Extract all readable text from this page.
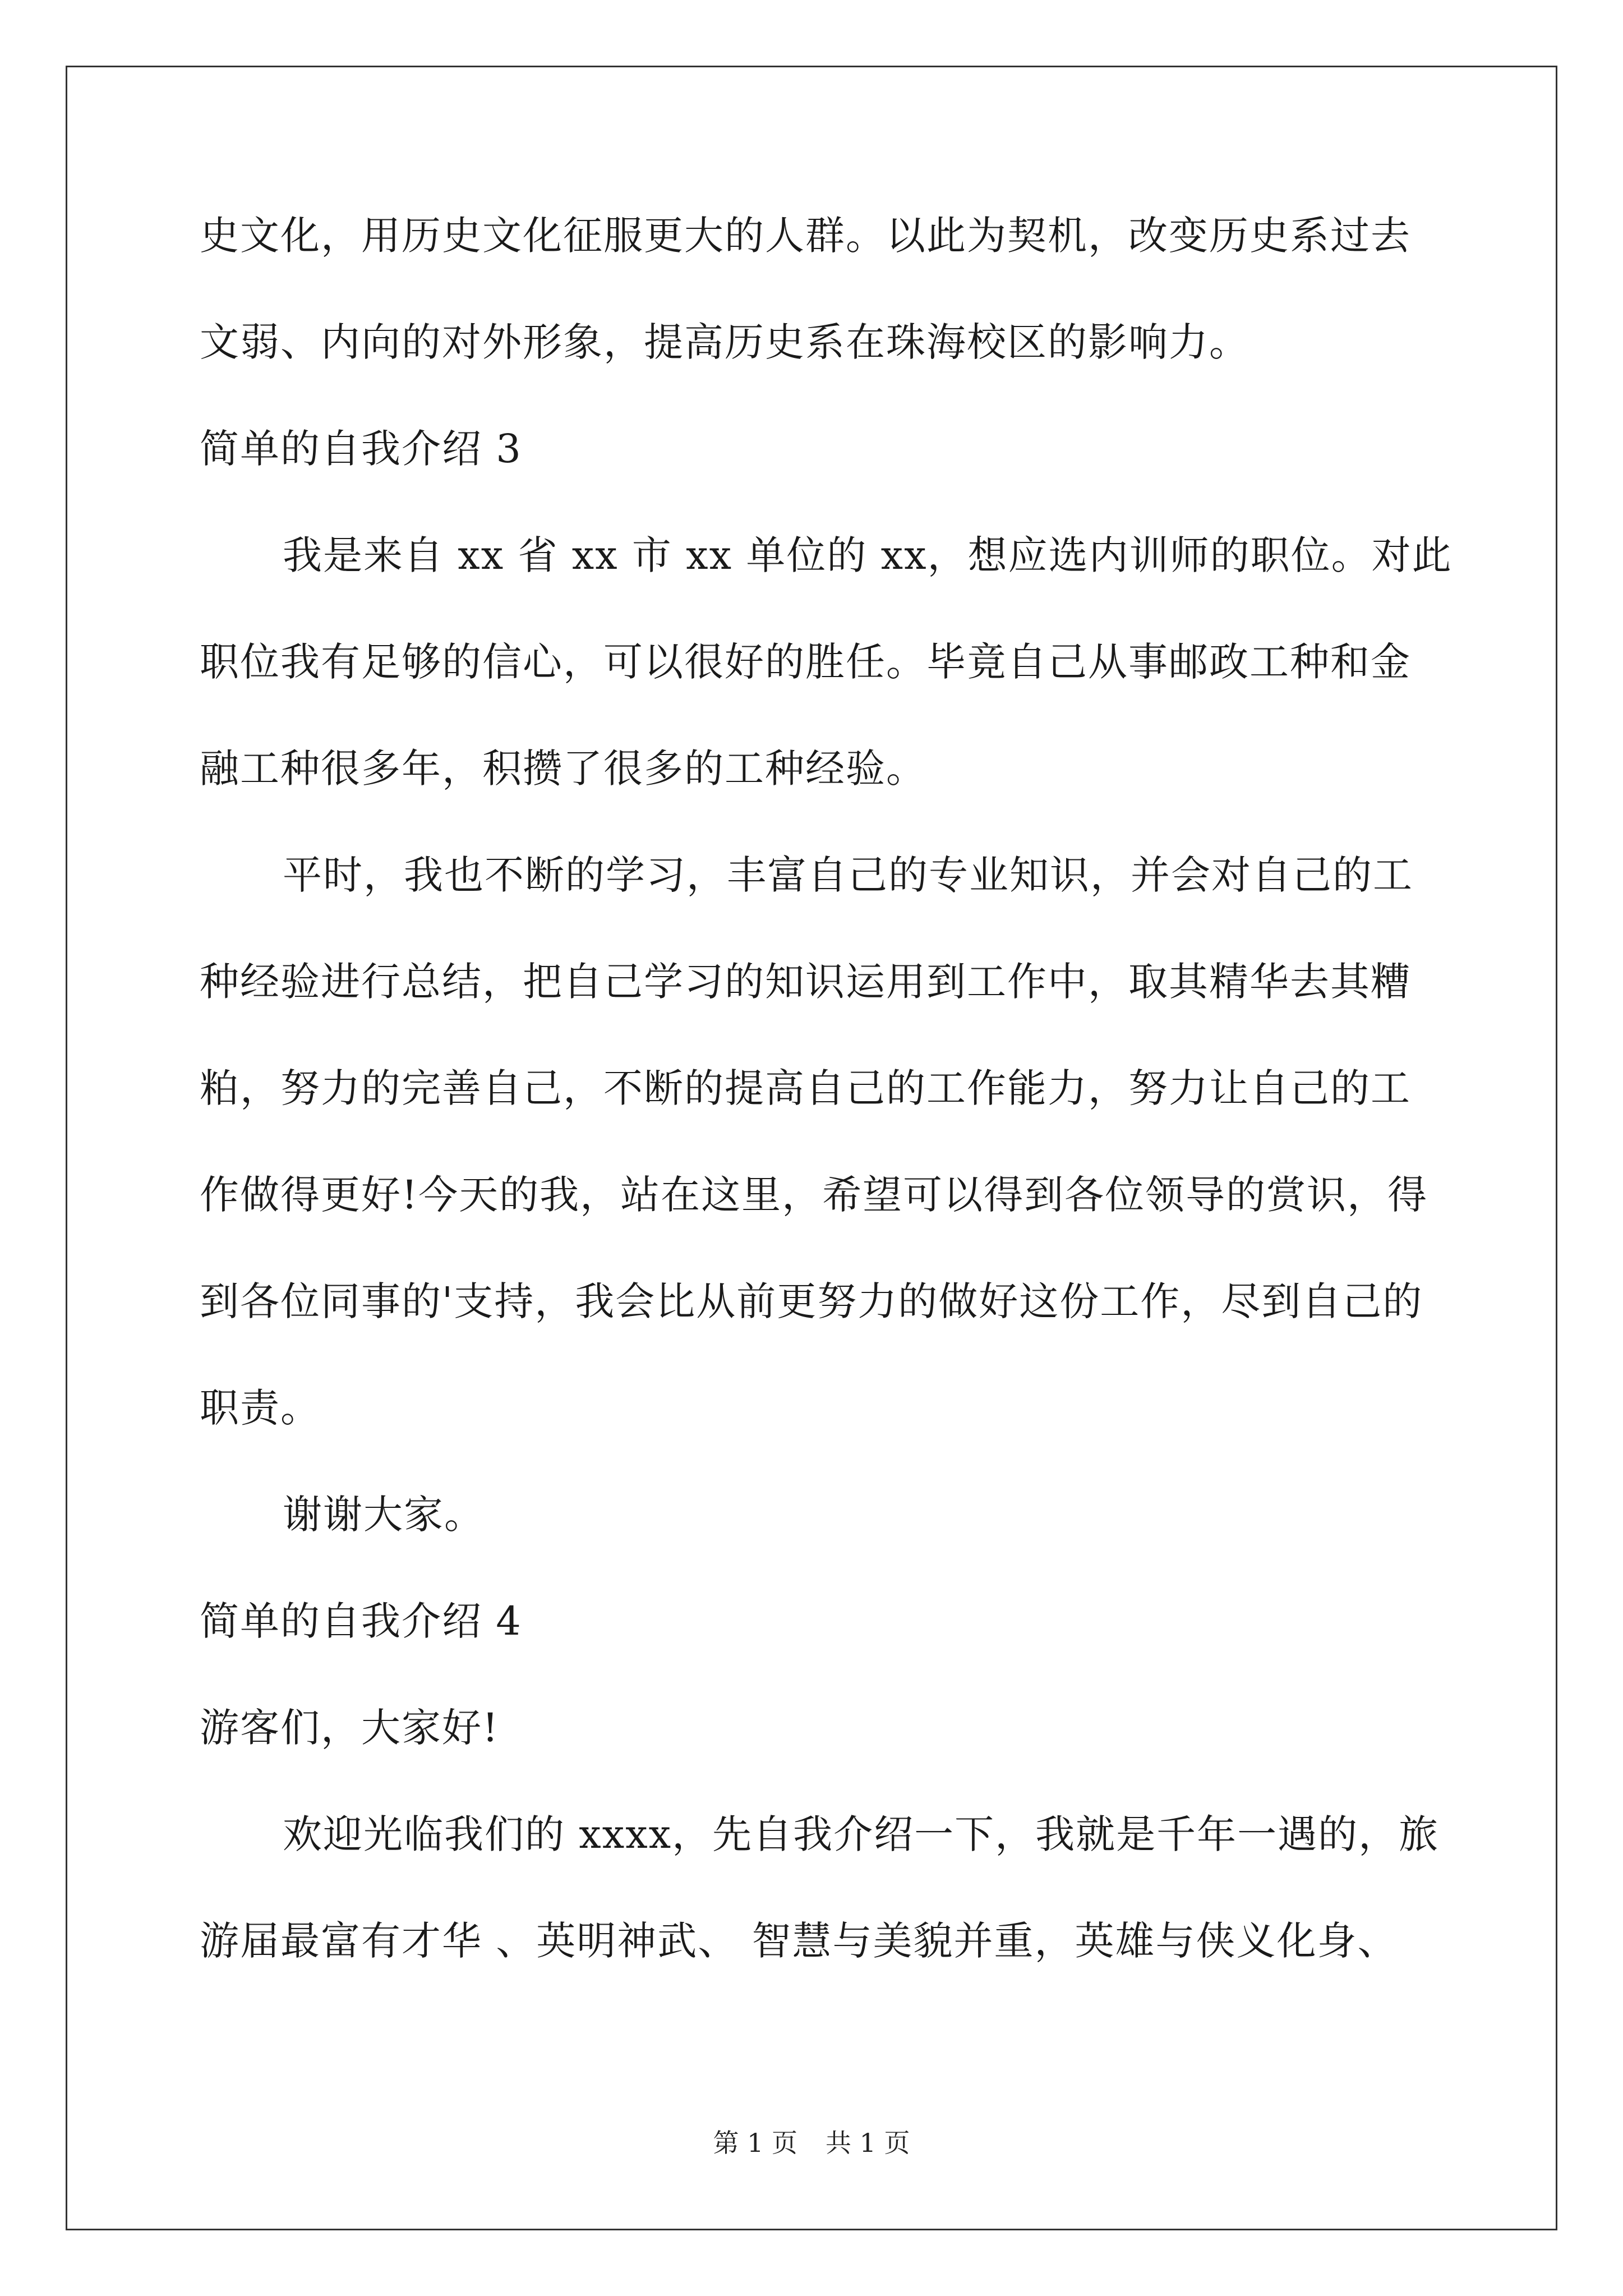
史文化，用历史文化征服更大的人群。以此为契机，改变历史系过去
文弱、内向的对外形象，提高历史系在珠海校区的影响力。
简单的自我介绍 3
我是来自 xx 省 xx 市 xx 单位的 xx，想应选内训师的职位。对此
职位我有足够的信心，可以很好的胜任。毕竟自己从事邮政工种和金
融工种很多年，积攒了很多的工种经验。
平时，我也不断的学习，丰富自己的专业知识，并会对自己的工
种经验进行总结，把自己学习的知识运用到工作中，取其精华去其糟
粕，努力的完善自己，不断的提高自己的工作能力，努力让自己的工
作做得更好!今天的我，站在这里，希望可以得到各位领导的赏识，得
到各位同事的'支持，我会比从前更努力的做好这份工作，尽到自己的
职责。
谢谢大家。
简单的自我介绍 4
游客们，大家好!
欢迎光临我们的 xxxx，先自我介绍一下，我就是千年一遇的，旅
游届最富有才华 、英明神武、 智慧与美貌并重，英雄与侠义化身、
第 1 页 共 1 页
